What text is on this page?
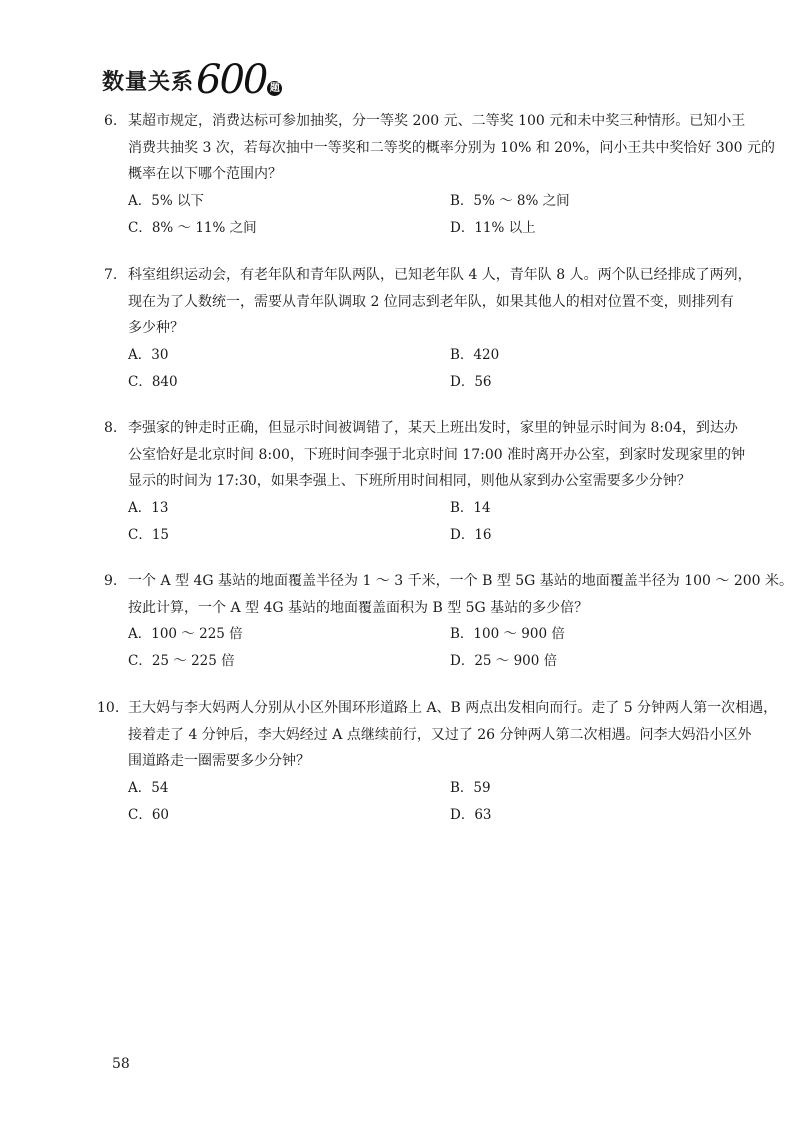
数量关系 600 题
6. 某超市规定，消费达标可参加抽奖，分一等奖 200 元、二等奖 100 元和未中奖三种情形。已知小王
消费共抽奖 3 次，若每次抽中一等奖和二等奖的概率分别为 10% 和 20%，问小王共中奖恰好 300 元的
概率在以下哪个范围内？
A．5% 以下	B．5% ～ 8% 之间
C．8% ～ 11% 之间	D．11% 以上
7. 科室组织运动会，有老年队和青年队两队，已知老年队 4 人，青年队 8 人。两个队已经排成了两列，
现在为了人数统一，需要从青年队调取 2 位同志到老年队，如果其他人的相对位置不变，则排列有
多少种？
A．30	B．420
C．840	D．56
8. 李强家的钟走时正确，但显示时间被调错了，某天上班出发时，家里的钟显示时间为 8:04，到达办
公室恰好是北京时间 8:00，下班时间李强于北京时间 17:00 准时离开办公室，到家时发现家里的钟
显示的时间为 17:30，如果李强上、下班所用时间相同，则他从家到办公室需要多少分钟？
A．13	B．14
C．15	D．16
9. 一个 A 型 4G 基站的地面覆盖半径为 1 ～ 3 千米，一个 B 型 5G 基站的地面覆盖半径为 100 ～ 200 米。
按此计算，一个 A 型 4G 基站的地面覆盖面积为 B 型 5G 基站的多少倍？
A．100 ～ 225 倍	B．100 ～ 900 倍
C．25 ～ 225 倍	D．25 ～ 900 倍
10. 王大妈与李大妈两人分别从小区外围环形道路上 A、B 两点出发相向而行。走了 5 分钟两人第一次相遇，
接着走了 4 分钟后，李大妈经过 A 点继续前行，又过了 26 分钟两人第二次相遇。问李大妈沿小区外
围道路走一圈需要多少分钟？
A．54	B．59
C．60	D．63
58
